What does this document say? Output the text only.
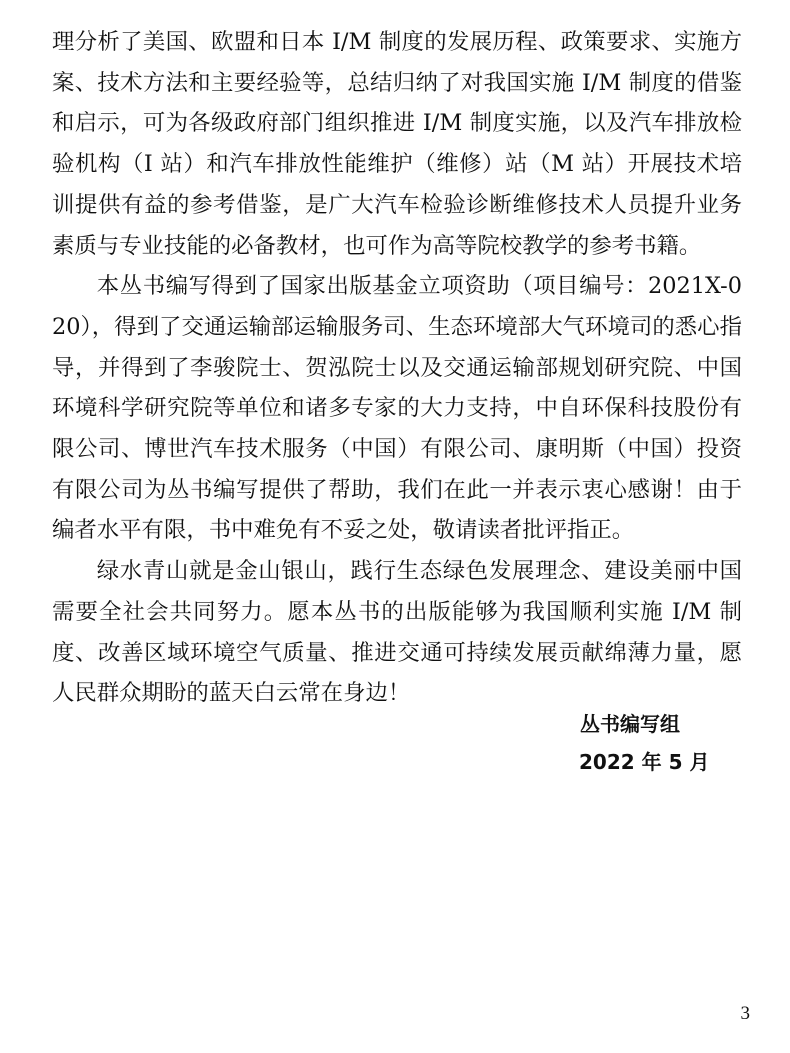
理分析了美国、欧盟和日本 I/M 制度的发展历程、政策要求、实施方案、技术方法和主要经验等，总结归纳了对我国实施 I/M 制度的借鉴和启示，可为各级政府部门组织推进 I/M 制度实施，以及汽车排放检验机构（I 站）和汽车排放性能维护（维修）站（M 站）开展技术培训提供有益的参考借鉴，是广大汽车检验诊断维修技术人员提升业务素质与专业技能的必备教材，也可作为高等院校教学的参考书籍。

本丛书编写得到了国家出版基金立项资助（项目编号：2021X-020），得到了交通运输部运输服务司、生态环境部大气环境司的悉心指导，并得到了李骏院士、贺泓院士以及交通运输部规划研究院、中国环境科学研究院等单位和诸多专家的大力支持，中自环保科技股份有限公司、博世汽车技术服务（中国）有限公司、康明斯（中国）投资有限公司为丛书编写提供了帮助，我们在此一并表示衷心感谢！由于编者水平有限，书中难免有不妥之处，敬请读者批评指正。

绿水青山就是金山银山，践行生态绿色发展理念、建设美丽中国需要全社会共同努力。愿本丛书的出版能够为我国顺利实施 I/M 制度、改善区域环境空气质量、推进交通可持续发展贡献绵薄力量，愿人民群众期盼的蓝天白云常在身边！

丛书编写组
2022 年 5 月
3
